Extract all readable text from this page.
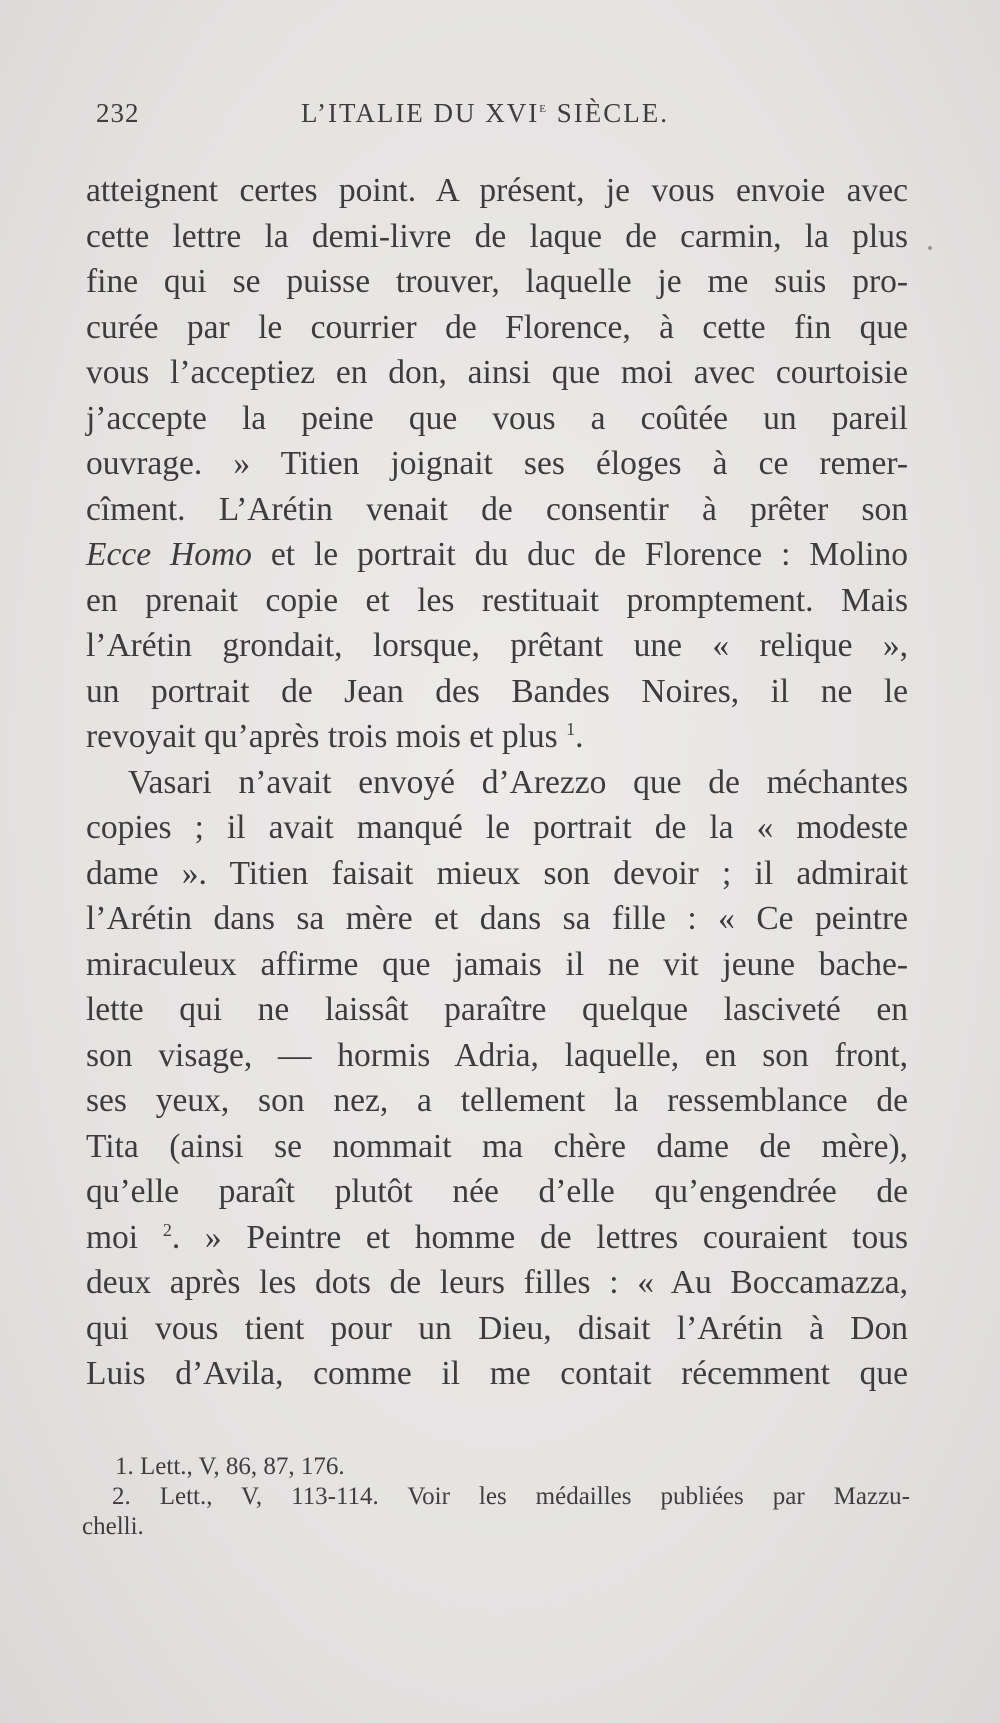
232	L’ITALIE DU XVIe SIÈCLE.
atteignent certes point. A présent, je vous envoie avec
cette lettre la demi-livre de laque de carmin, la plus
fine qui se puisse trouver, laquelle je me suis pro-
curée par le courrier de Florence, à cette fin que
vous l’acceptiez en don, ainsi que moi avec courtoisie
j’accepte la peine que vous a coûtée un pareil
ouvrage. » Titien joignait ses éloges à ce remer-
cîment. L’Arétin venait de consentir à prêter son
Ecce Homo et le portrait du duc de Florence : Molino
en prenait copie et les restituait promptement. Mais
l’Arétin grondait, lorsque, prêtant une « relique »,
un portrait de Jean des Bandes Noires, il ne le
revoyait qu’après trois mois et plus $^1$.
Vasari n’avait envoyé d’Arezzo que de méchantes
copies ; il avait manqué le portrait de la « modeste
dame ». Titien faisait mieux son devoir ; il admirait
l’Arétin dans sa mère et dans sa fille : « Ce peintre
miraculeux affirme que jamais il ne vit jeune bache-
lette qui ne laissât paraître quelque lasciveté en
son visage, — hormis Adria, laquelle, en son front,
ses yeux, son nez, a tellement la ressemblance de
Tita (ainsi se nommait ma chère dame de mère),
qu’elle paraît plutôt née d’elle qu’engendrée de
moi $^2$. » Peintre et homme de lettres couraient tous
deux après les dots de leurs filles : « Au Boccamazza,
qui vous tient pour un Dieu, disait l’Arétin à Don
Luis d’Avila, comme il me contait récemment que
1. Lett., V, 86, 87, 176.
2. Lett., V, 113-114. Voir les médailles publiées par Mazzu-
chelli.
